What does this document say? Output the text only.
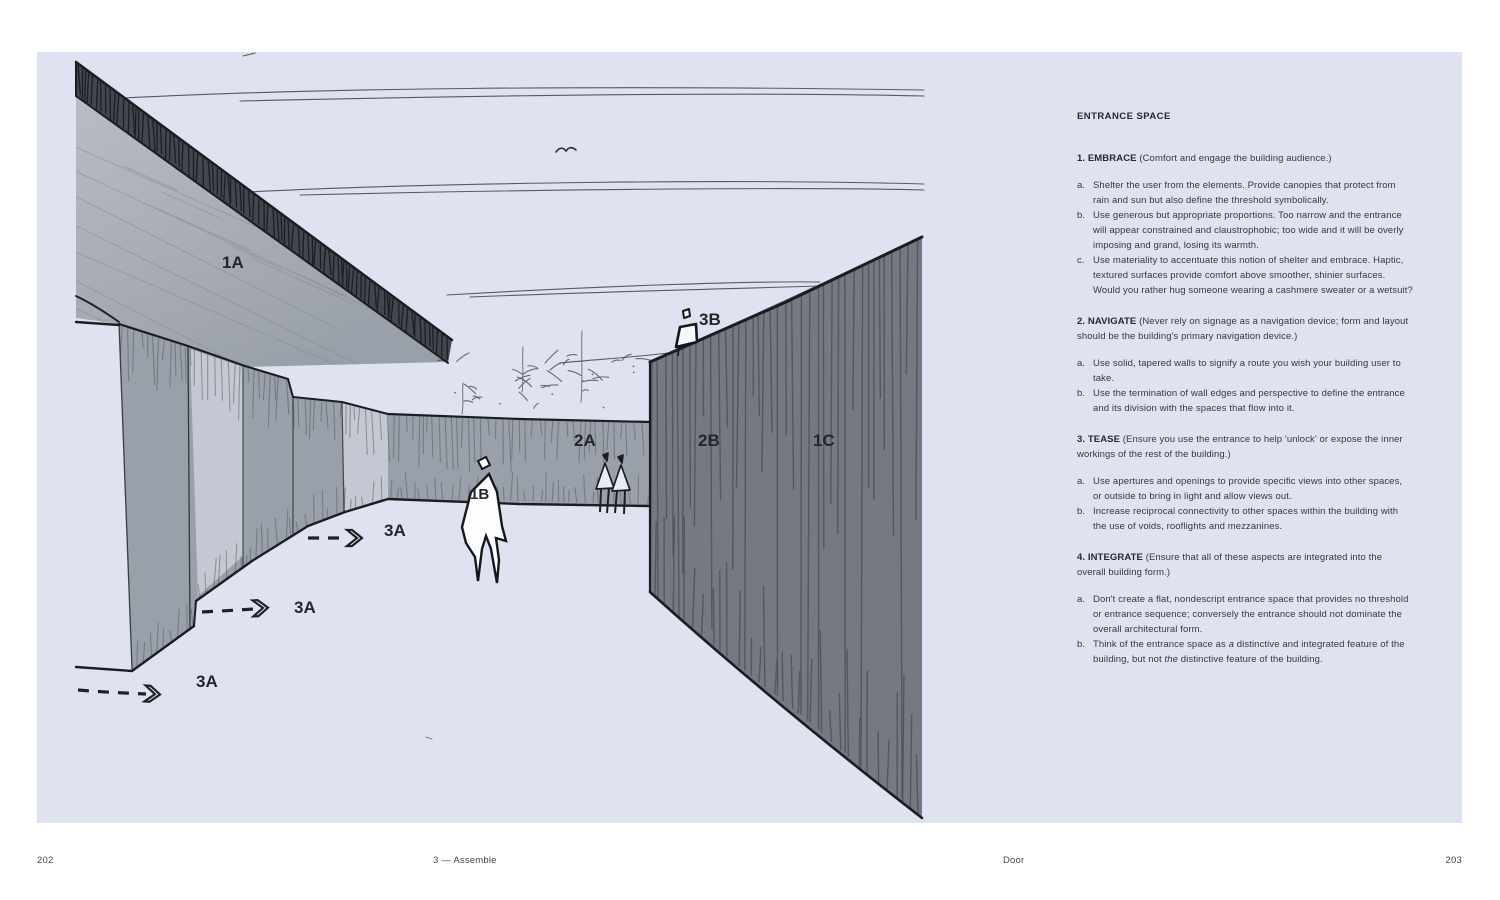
1A
1B
2A	2B	1C
3B
3A
3A
3A

ENTRANCE SPACE

1. EMBRACE (Comfort and engage the building audience.)

a. Shelter the user from the elements. Provide canopies that protect from rain and sun but also define the threshold symbolically.
b. Use generous but appropriate proportions. Too narrow and the entrance will appear constrained and claustrophobic; too wide and it will be overly imposing and grand, losing its warmth.
c. Use materiality to accentuate this notion of shelter and embrace. Haptic, textured surfaces provide comfort above smoother, shinier surfaces. Would you rather hug someone wearing a cashmere sweater or a wetsuit?

2. NAVIGATE (Never rely on signage as a navigation device; form and layout should be the building's primary navigation device.)

a. Use solid, tapered walls to signify a route you wish your building user to take.
b. Use the termination of wall edges and perspective to define the entrance and its division with the spaces that flow into it.

3. TEASE (Ensure you use the entrance to help 'unlock' or expose the inner workings of the rest of the building.)

a. Use apertures and openings to provide specific views into other spaces, or outside to bring in light and allow views out.
b. Increase reciprocal connectivity to other spaces within the building with the use of voids, rooflights and mezzanines.

4. INTEGRATE (Ensure that all of these aspects are integrated into the overall building form.)

a. Don't create a flat, nondescript entrance space that provides no threshold or entrance sequence; conversely the entrance should not dominate the overall architectural form.
b. Think of the entrance space as a distinctive and integrated feature of the building, but not the distinctive feature of the building.
202	3 — Assemble	Door	203
